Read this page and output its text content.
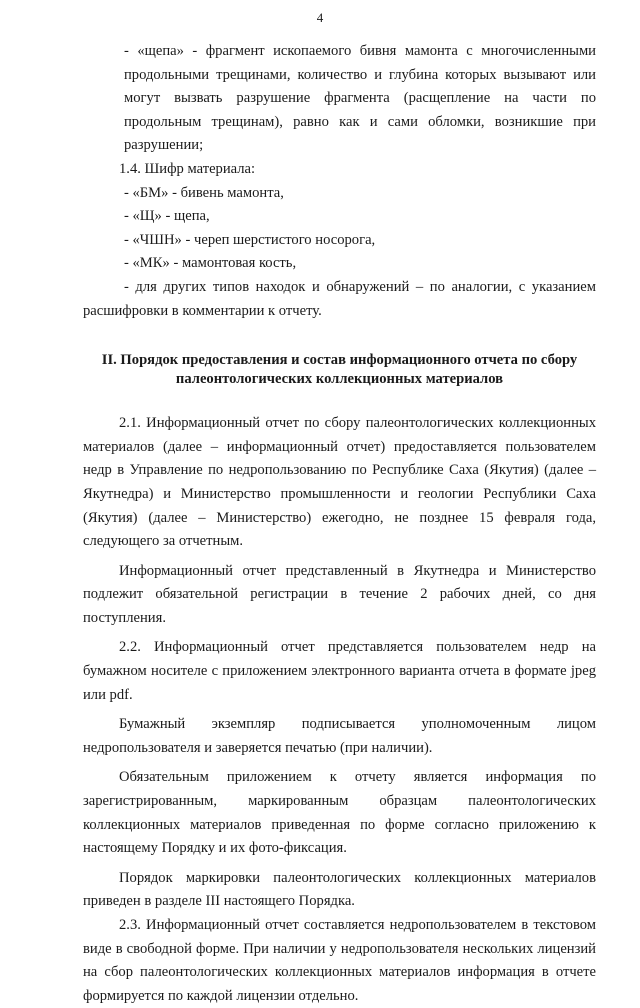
4

- «щепа» - фрагмент ископаемого бивня мамонта с многочисленными продольными трещинами, количество и глубина которых вызывают или могут вызвать разрушение фрагмента (расщепление на части по продольным трещинам), равно как и сами обломки, возникшие при разрушении;

1.4. Шифр материала:

- «БМ» - бивень мамонта,

- «Щ» - щепа,

- «ЧШН» - череп шерстистого носорога,

- «МК» - мамонтовая кость,

- для других типов находок и обнаружений – по аналогии, с указанием расшифровки в комментарии к отчету.

II. Порядок предоставления и состав информационного отчета по сбору
палеонтологических коллекционных материалов

2.1. Информационный отчет по сбору палеонтологических коллекционных материалов (далее – информационный отчет) предоставляется пользователем недр в Управление по недропользованию по Республике Саха (Якутия) (далее – Якутнедра) и Министерство промышленности и геологии Республики Саха (Якутия) (далее – Министерство) ежегодно, не позднее 15 февраля года, следующего за отчетным.

Информационный отчет представленный в Якутнедра и Министерство подлежит обязательной регистрации в течение 2 рабочих дней, со дня поступления.

2.2. Информационный отчет представляется пользователем недр на бумажном носителе с приложением электронного варианта отчета в формате jpeg или pdf.

Бумажный экземпляр подписывается уполномоченным лицом недропользователя и заверяется печатью (при наличии).

Обязательным приложением к отчету является информация по зарегистрированным, маркированным образцам палеонтологических коллекционных материалов приведенная по форме согласно приложению к настоящему Порядку и их фото-фиксация.

Порядок маркировки палеонтологических коллекционных материалов приведен в разделе III настоящего Порядка.

2.3. Информационный отчет составляется недропользователем в текстовом виде в свободной форме. При наличии у недропользователя нескольких лицензий на сбор палеонтологических коллекционных материалов информация в отчете формируется по каждой лицензии отдельно.
